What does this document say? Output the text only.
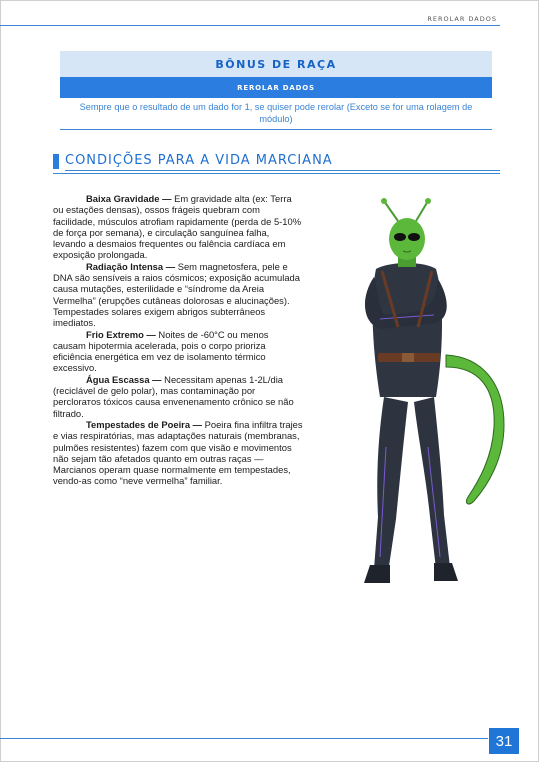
REROLAR DADOS
BÔNUS DE RAÇA
REROLAR DADOS
Sempre que o resultado de um dado for 1, se quiser pode rerolar (Exceto se for uma rolagem de módulo)
CONDIÇÕES PARA A VIDA MARCIANA

Baixa Gravidade — Em gravidade alta (ex: Terra ou estações densas), ossos frágeis quebram com facilidade, músculos atrofiam rapidamente (perda de 5-10% de força por semana), e circulação sanguínea falha, levando a desmaios frequentes ou falência cardíaca em exposição prolongada.

Radiação Intensa — Sem magnetosfera, pele e DNA são sensíveis a raios cósmicos; exposição acumulada causa mutações, esterilidade e “síndrome da Areia Vermelha” (erupções cutâneas dolorosas e alucinações). Tempestades solares exigem abrigos subterrâneos imediatos.

Frio Extremo — Noites de -60°C ou menos causam hipotermia acelerada, pois o corpo prioriza eficiência energética em vez de isolamento térmico excessivo.

Água Escassa — Necessitam apenas 1-2L/dia (reciclável de gelo polar), mas contaminação por perclorатos tóxicos causa envenenamento crônico se não filtrado.

Tempestades de Poeira — Poeira fina infiltra trajes e vias respiratórias, mas adaptações naturais (membranas, pulmões resistentes) fazem com que visão e movimentos não sejam tão afetados quanto em outras raças — Marcianos operam quase normalmente em tempestades, vendo-as como “neve vermelha” familiar.

31
